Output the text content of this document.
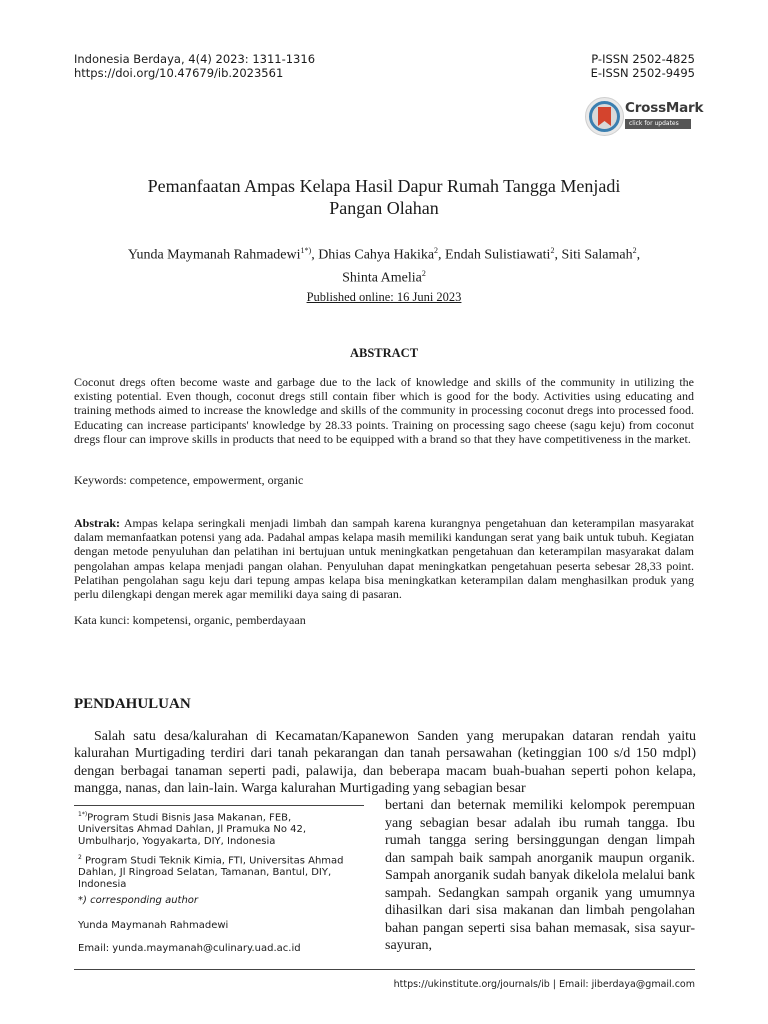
Indonesia Berdaya, 4(4) 2023: 1311-1316
https://doi.org/10.47679/ib.2023561
P-ISSN 2502-4825
E-ISSN 2502-9495
CrossMark
click for updates
Pemanfaatan Ampas Kelapa Hasil Dapur Rumah Tangga Menjadi
Pangan Olahan
Yunda Maymanah Rahmadewi$^{1*)}$, Dhias Cahya Hakika$^2$, Endah Sulistiawati$^2$, Siti Salamah$^2$,
Shinta Amelia$^2$
Published online: 16 Juni 2023
ABSTRACT
Coconut dregs often become waste and garbage due to the lack of knowledge and skills of the community in utilizing the existing potential. Even though, coconut dregs still contain fiber which is good for the body. Activities using educating and training methods aimed to increase the knowledge and skills of the community in processing coconut dregs into processed food. Educating can increase participants' knowledge by 28.33 points. Training on processing sago cheese (sagu keju) from coconut dregs flour can improve skills in products that need to be equipped with a brand so that they have competitiveness in the market.
Keywords: competence, empowerment, organic
Abstrak: Ampas kelapa seringkali menjadi limbah dan sampah karena kurangnya pengetahuan dan keterampilan masyarakat dalam memanfaatkan potensi yang ada. Padahal ampas kelapa masih memiliki kandungan serat yang baik untuk tubuh. Kegiatan dengan metode penyuluhan dan pelatihan ini bertujuan untuk meningkatkan pengetahuan dan keterampilan masyarakat dalam pengolahan ampas kelapa menjadi pangan olahan. Penyuluhan dapat meningkatkan pengetahuan peserta sebesar 28,33 point. Pelatihan pengolahan sagu keju dari tepung ampas kelapa bisa meningkatkan keterampilan dalam menghasilkan produk yang perlu dilengkapi dengan merek agar memiliki daya saing di pasaran.
Kata kunci: kompetensi, organic, pemberdayaan
PENDAHULUAN

Salah satu desa/kalurahan di Kecamatan/Kapanewon Sanden yang merupakan dataran rendah yaitu kalurahan Murtigading terdiri dari tanah pekarangan dan tanah persawahan (ketinggian 100 s/d 150 mdpl) dengan berbagai tanaman seperti padi, palawija, dan beberapa macam buah-buahan seperti pohon kelapa, mangga, nanas, dan lain-lain. Warga kalurahan Murtigading yang sebagian besar

bertani dan beternak memiliki kelompok perempuan yang sebagian besar adalah ibu rumah tangga. Ibu rumah tangga sering bersinggungan dengan limpah dan sampah baik sampah anorganik maupun organik. Sampah anorganik sudah banyak dikelola melalui bank sampah. Sedangkan sampah organik yang umumnya dihasilkan dari sisa makanan dan limbah pengolahan bahan pangan seperti sisa bahan memasak, sisa sayur-sayuran,
$^{1*)}$Program Studi Bisnis Jasa Makanan, FEB, Universitas Ahmad Dahlan, Jl Pramuka No 42, Umbulharjo, Yogyakarta, DIY, Indonesia
$^2$ Program Studi Teknik Kimia, FTI, Universitas Ahmad Dahlan, Jl Ringroad Selatan, Tamanan, Bantul, DIY, Indonesia
*) corresponding author
Yunda Maymanah Rahmadewi
Email: yunda.maymanah@culinary.uad.ac.id
https://ukinstitute.org/journals/ib | Email: jiberdaya@gmail.com
